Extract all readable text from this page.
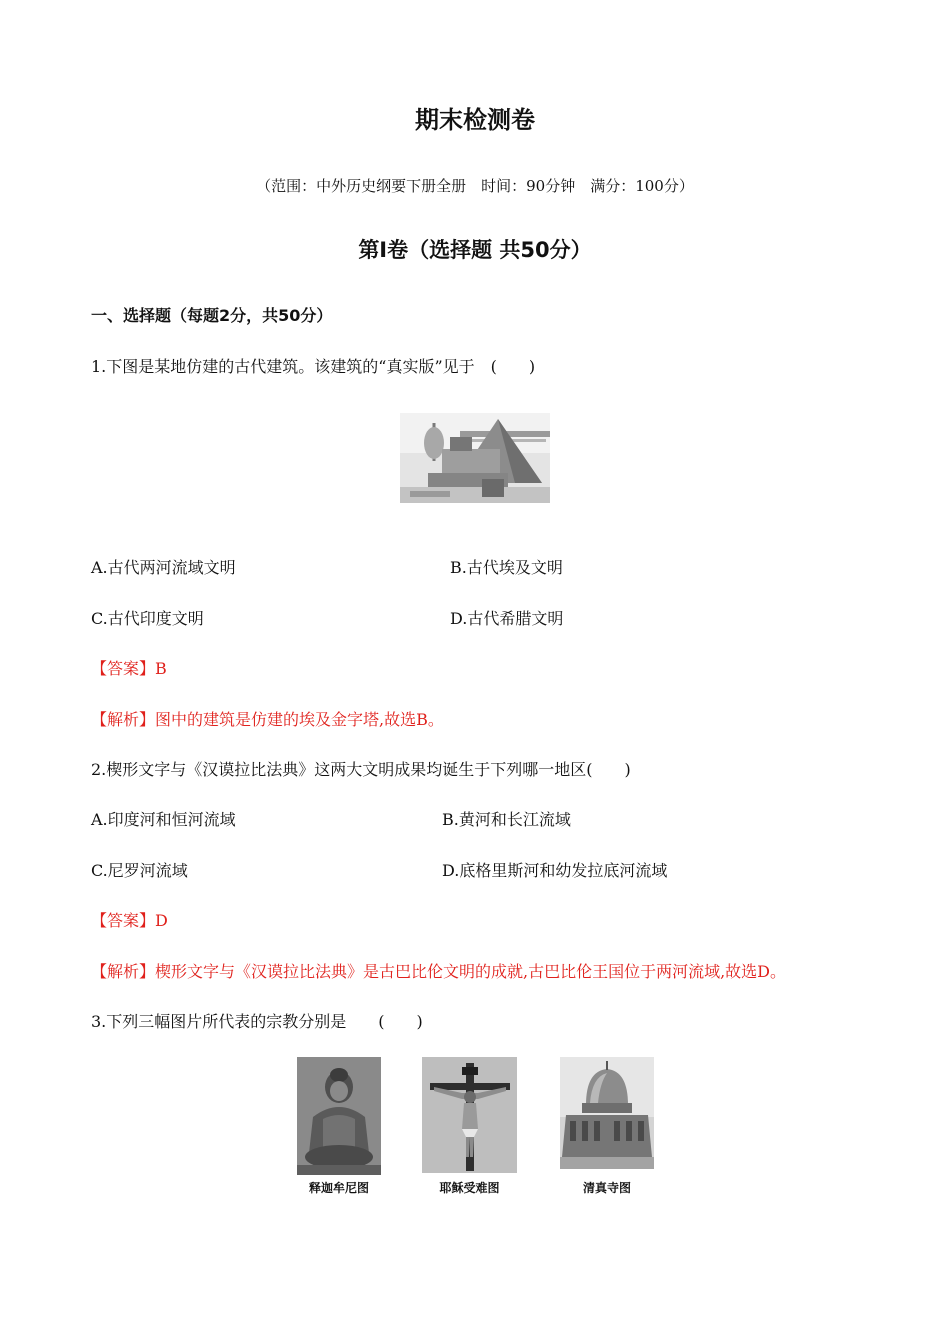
期末检测卷
（范围：中外历史纲要下册全册　时间：90分钟　满分：100分）
第Ⅰ卷（选择题 共50分）
一、选择题（每题2分，共50分）
1.下图是某地仿建的古代建筑。该建筑的“真实版”见于　(　　)
A.古代两河流域文明	B.古代埃及文明
C.古代印度文明	D.古代希腊文明
【答案】B
【解析】图中的建筑是仿建的埃及金字塔,故选B。
2.楔形文字与《汉谟拉比法典》这两大文明成果均诞生于下列哪一地区(　　)
A.印度河和恒河流域	B.黄河和长江流域
C.尼罗河流域	D.底格里斯河和幼发拉底河流域
【答案】D
【解析】楔形文字与《汉谟拉比法典》是古巴比伦文明的成就,古巴比伦王国位于两河流域,故选D。
3.下列三幅图片所代表的宗教分别是　　(　　)
释迦牟尼图	耶稣受难图	清真寺图
